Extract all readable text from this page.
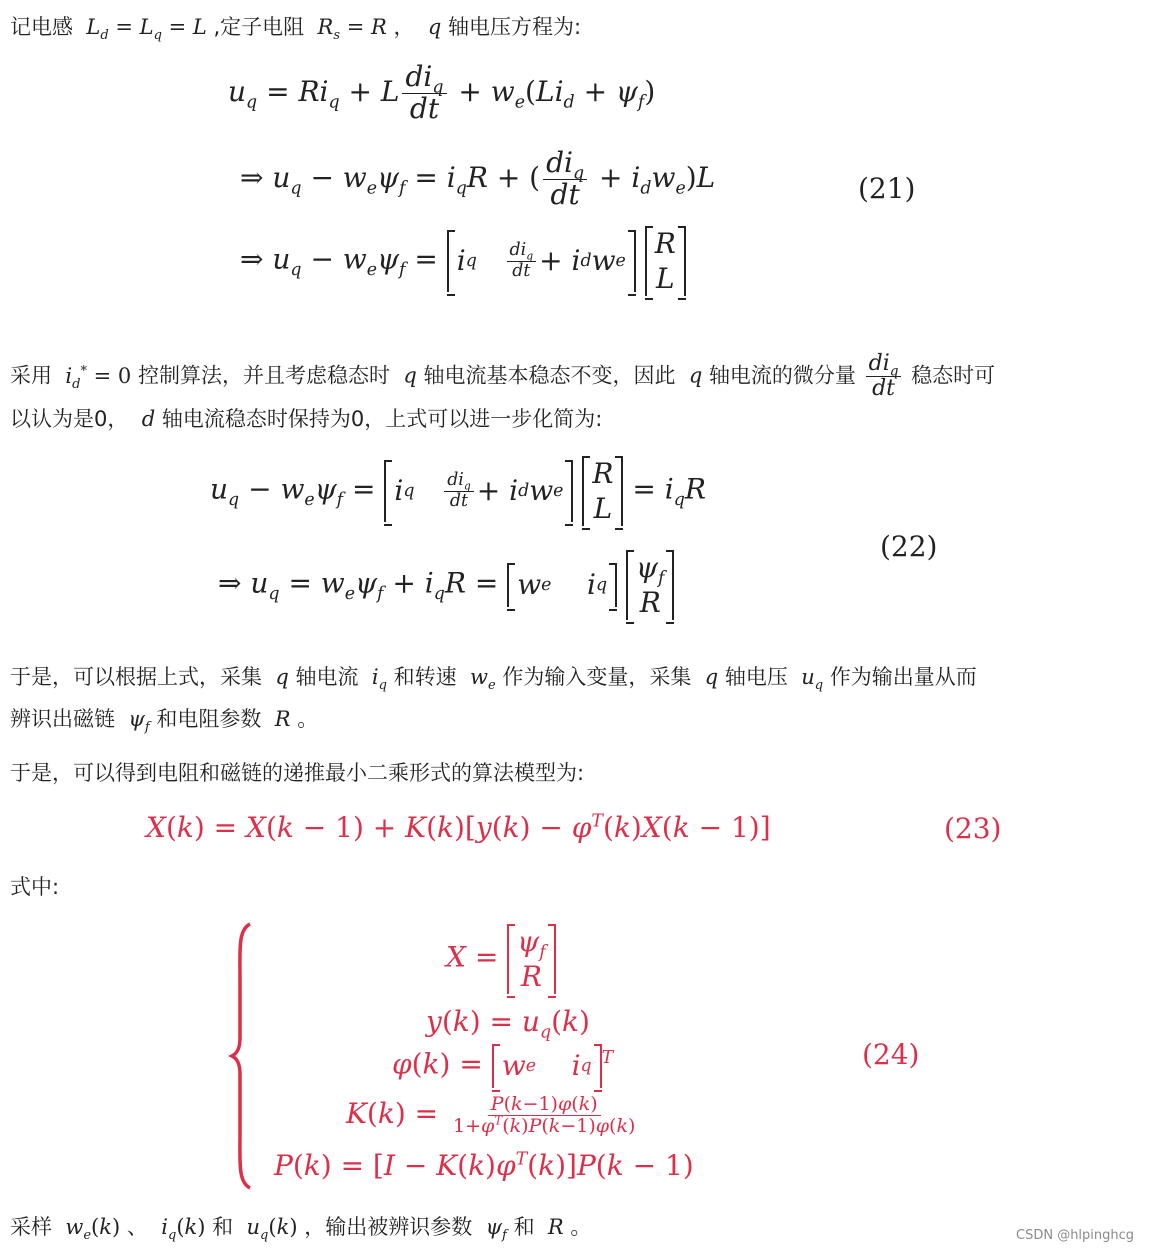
记电感  $L_d = L_q = L$ ,定子电阻  $R_s = R$ ，  q 轴电压方程为:
$u_q = Ri_q + L \frac{di_q}{dt} + w_e(Li_d + \psi_f)$
⇒ $u_q - w_e\psi_f = i_qR$ + ( $\frac{di_q}{dt} + i_dw_e)L$	(21)
⇒ $u_q - w_e\psi_f = i$ q
$\frac{di_q}{dt} + i$ d w e

R
L
采用  $i_d^* = 0$ 控制算法，并且考虑稳态时  q 轴电流基本稳态不变，因此  q 轴电流的微分量 $\frac{di_q}{dt}$ 稳态时可
以认为是0，  d 轴电流稳态时保持为0，上式可以进一步化简为:
$u_q - w_e\psi_f = i$ q
$\frac{di_q}{dt} + i$ d w e

R
L
= $i_qR$
(22)
⇒ $u_q = w_e\psi_f + i_qR = w$ e i q

$\psi_f$
R
于是，可以根据上式，采集  q 轴电流  $i_q$ 和转速  $w_e$ 作为输入变量，采集  q 轴电压  $u_q$ 作为输出量从而
辨识出磁链  $\psi_f$ 和电阻参数  R 。
于是，可以得到电阻和磁链的递推最小二乘形式的算法模型为:
$X(k) = X(k - 1) + K(k)[y(k) - \varphi^T(k)X(k - 1)]$	(23)
式中:
$X = \psi_f$
R
$y(k) = u_q(k)$
φ(k) = w e i q $^T$	(24)
$K(k) = \frac{P(k-1)\varphi(k)}{1+\varphi^T(k)P(k-1)\varphi(k)}$
$P(k) = [I - K(k)\varphi^T(k)]P(k - 1)$
采样  $w_e(k)$ 、  $i_q(k)$ 和  $u_q(k)$ ，输出被辨识参数  $\psi_f$ 和  R 。	CSDN @hlpinghcg
